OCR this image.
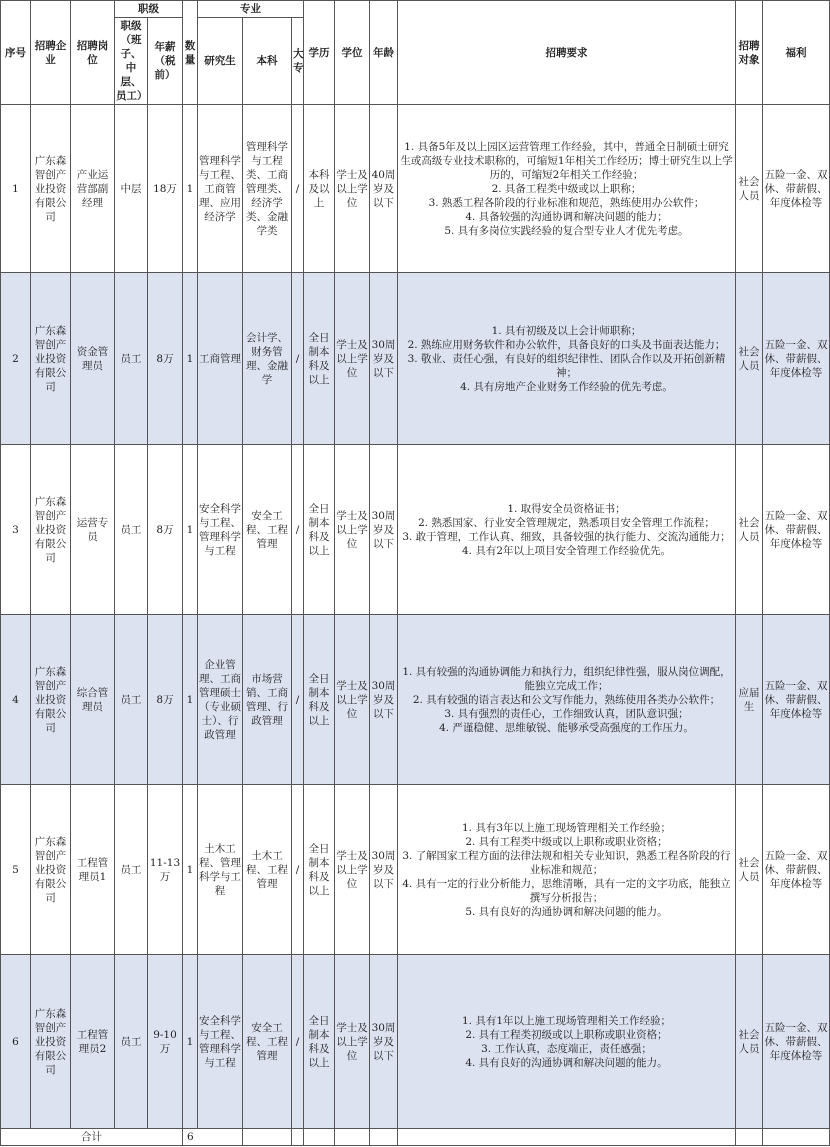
序号	招聘企业	招聘岗位	职级		数量	专业			学历	学位	年龄	招聘要求	招聘对象	福利
			职级（班子、中层、员工）	年薪（税前）		研究生	本科	大专						

1	广东森智创产业投资有限公司	产业运营部副经理	中层	18万	1	管理科学与工程、工商管理、应用经济学	管理科学与工程类、工商管理类、经济学类、金融学类	/	本科及以上	学士及以上学位	40周岁及以下	1. 具备5年及以上园区运营管理工作经验，其中，普通全日制硕士研究生或高级专业技术职称的，可缩短1年相关工作经历；博士研究生以上学历的，可缩短2年相关工作经验；
2. 具备工程类中级或以上职称；
3. 熟悉工程各阶段的行业标准和规范，熟练使用办公软件；
4. 具备较强的沟通协调和解决问题的能力；
5. 具有多岗位实践经验的复合型专业人才优先考虑。	社会人员	五险一金、双休、带薪假、年度体检等
2	广东森智创产业投资有限公司	资金管理员	员工	8万	1	工商管理	会计学、财务管理、金融学	/	全日制本科及以上	学士及以上学位	30周岁及以下	1. 具有初级及以上会计师职称；
2. 熟练应用财务软件和办公软件，具备良好的口头及书面表达能力；
3. 敬业、责任心强，有良好的组织纪律性、团队合作以及开拓创新精神；
4. 具有房地产企业财务工作经验的优先考虑。	社会人员	五险一金、双休、带薪假、年度体检等
3	广东森智创产业投资有限公司	运营专员	员工	8万	1	安全科学与工程、管理科学与工程	安全工程、工程管理	/	全日制本科及以上	学士及以上学位	30周岁及以下	1. 取得安全员资格证书；
2. 熟悉国家、行业安全管理规定，熟悉项目安全管理工作流程；
3. 敢于管理，工作认真、细致，具备较强的执行能力、交流沟通能力；
4. 具有2年以上项目安全管理工作经验优先。	社会人员	五险一金、双休、带薪假、年度体检等
4	广东森智创产业投资有限公司	综合管理员	员工	8万	1	企业管理、工商管理硕士（专业硕士）、行政管理	市场营销、工商管理、行政管理	/	全日制本科及以上	学士及以上学位	30周岁及以下	1. 具有较强的沟通协调能力和执行力，组织纪律性强，服从岗位调配，能独立完成工作；
2. 具有较强的语言表达和公文写作能力，熟练使用各类办公软件；
3. 具有强烈的责任心，工作细致认真，团队意识强；
4. 严谨稳健、思维敏锐、能够承受高强度的工作压力。	应届生	五险一金、双休、带薪假、年度体检等
5	广东森智创产业投资有限公司	工程管理员1	员工	11-13万	1	土木工程、管理科学与工程	土木工程、工程管理	/	全日制本科及以上	学士及以上学位	30周岁及以下	1. 具有3年以上施工现场管理相关工作经验；
2. 具有工程类中级或以上职称或职业资格；
3. 了解国家工程方面的法律法规和相关专业知识，熟悉工程各阶段的行业标准和规范；
4. 具有一定的行业分析能力，思维清晰，具有一定的文字功底，能独立撰写分析报告；
5. 具有良好的沟通协调和解决问题的能力。	社会人员	五险一金、双休、带薪假、年度体检等
6	广东森智创产业投资有限公司	工程管理员2	员工	9-10万	1	安全科学与工程、管理科学与工程	安全工程、工程管理	/	全日制本科及以上	学士及以上学位	30周岁及以下	1. 具有1年以上施工现场管理相关工作经验；
2. 具有工程类初级或以上职称或职业资格；
3. 工作认真，态度端正，责任感强；
4. 具有良好的沟通协调和解决问题的能力。	社会人员	五险一金、双休、带薪假、年度体检等
合计					6									
